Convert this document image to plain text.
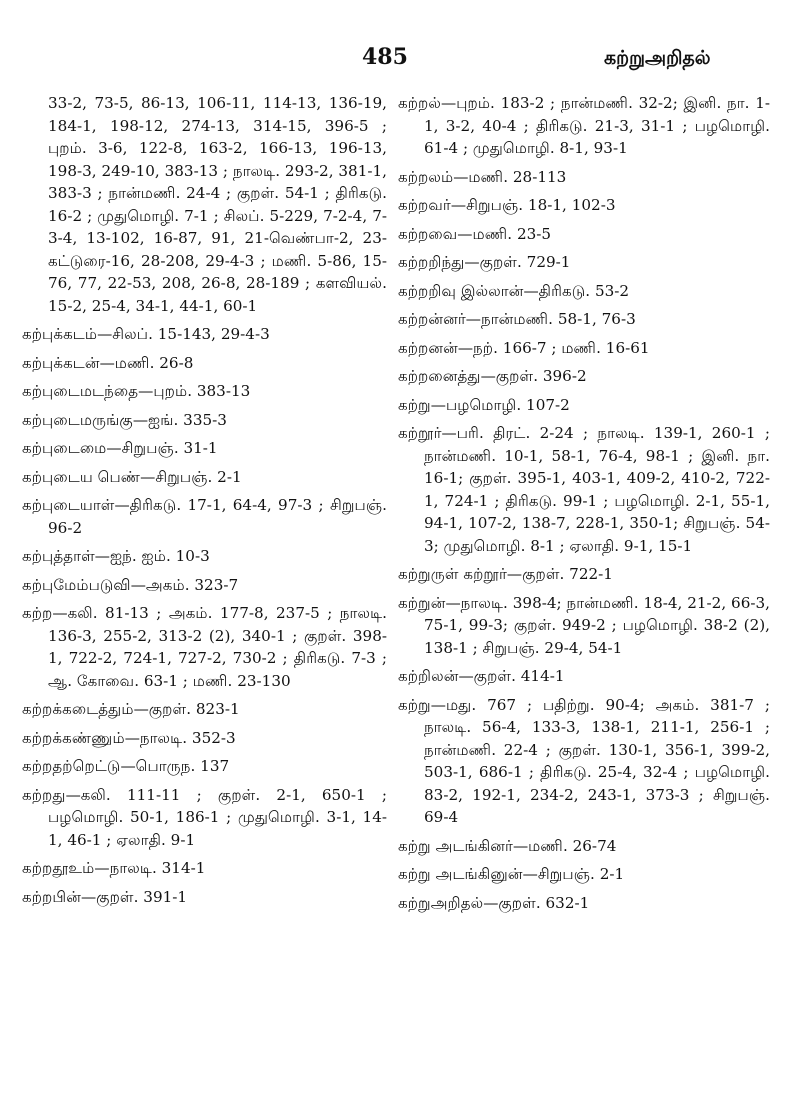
485	கற்றுஅறிதல்

33-2, 73-5, 86-13, 106-11, 114-13, 136-19, 184-1, 198-12, 274-13, 314-15, 396-5 ; புறம். 3-6, 122-8, 163-2, 166-13, 196-13, 198-3, 249-10, 383-13 ; நாலடி. 293-2, 381-1, 383-3 ; நான்மணி. 24-4 ; குறள். 54-1 ; திரிகடு. 16-2 ; முதுமொழி. 7-1 ; சிலப். 5-229, 7-2-4, 7-3-4, 13-102, 16-87, 91, 21-வெண்பா-2, 23-கட்டுரை-16, 28-208, 29-4-3 ; மணி. 5-86, 15-76, 77, 22-53, 208, 26-8, 28-189 ; களவியல். 15-2, 25-4, 34-1, 44-1, 60-1

கற்புக்கடம்—சிலப். 15-143, 29-4-3

கற்புக்கடன்—மணி. 26-8

கற்புடைமடந்தை—புறம். 383-13

கற்புடைமருங்கு—ஐங். 335-3

கற்புடைமை—சிறுபஞ். 31-1

கற்புடைய பெண்—சிறுபஞ். 2-1

கற்புடையாள்—திரிகடு. 17-1, 64-4, 97-3 ; சிறுபஞ். 96-2

கற்புத்தாள்—ஐந். ஐம். 10-3

கற்புமேம்படுவி—அகம். 323-7

கற்ற—கலி. 81-13 ; அகம். 177-8, 237-5 ; நாலடி. 136-3, 255-2, 313-2 (2), 340-1 ; குறள். 398-1, 722-2, 724-1, 727-2, 730-2 ; திரிகடு. 7-3 ; ஆ. கோவை. 63-1 ; மணி. 23-130

கற்றக்கடைத்தும்—குறள். 823-1

கற்றக்கண்ணும்—நாலடி. 352-3

கற்றதற்றெட்டு—பொருந. 137

கற்றது—கலி. 111-11 ; குறள். 2-1, 650-1 ; பழமொழி. 50-1, 186-1 ; முதுமொழி. 3-1, 14-1, 46-1 ; ஏலாதி. 9-1

கற்றதூஉம்—நாலடி. 314-1

கற்றபின்—குறள். 391-1

கற்றல்—புறம். 183-2 ; நான்மணி. 32-2; இனி. நா. 1-1, 3-2, 40-4 ; திரிகடு. 21-3, 31-1 ; பழமொழி. 61-4 ; முதுமொழி. 8-1, 93-1

கற்றலம்—மணி. 28-113

கற்றவர்—சிறுபஞ். 18-1, 102-3

கற்றவை—மணி. 23-5

கற்றறிந்து—குறள். 729-1

கற்றறிவு இல்லான்—திரிகடு. 53-2

கற்றன்னர்—நான்மணி. 58-1, 76-3

கற்றனன்—நற். 166-7 ; மணி. 16-61

கற்றனைத்து—குறள். 396-2

கற்று—பழமொழி. 107-2

கற்றூர்—பரி. திரட். 2-24 ; நாலடி. 139-1, 260-1 ; நான்மணி. 10-1, 58-1, 76-4, 98-1 ; இனி. நா. 16-1; குறள். 395-1, 403-1, 409-2, 410-2, 722-1, 724-1 ; திரிகடு. 99-1 ; பழமொழி. 2-1, 55-1, 94-1, 107-2, 138-7, 228-1, 350-1; சிறுபஞ். 54-3; முதுமொழி. 8-1 ; ஏலாதி. 9-1, 15-1

கற்றுருள் கற்றூர்—குறள். 722-1

கற்றுன்—நாலடி. 398-4; நான்மணி. 18-4, 21-2, 66-3, 75-1, 99-3; குறள். 949-2 ; பழமொழி. 38-2 (2), 138-1 ; சிறுபஞ். 29-4, 54-1

கற்றிலன்—குறள். 414-1

கற்று—மது. 767 ; பதிற்று. 90-4; அகம். 381-7 ; நாலடி. 56-4, 133-3, 138-1, 211-1, 256-1 ; நான்மணி. 22-4 ; குறள். 130-1, 356-1, 399-2, 503-1, 686-1 ; திரிகடு. 25-4, 32-4 ; பழமொழி. 83-2, 192-1, 234-2, 243-1, 373-3 ; சிறுபஞ். 69-4

கற்று அடங்கினர்—மணி. 26-74

கற்று அடங்கினுன்—சிறுபஞ். 2-1

கற்றுஅறிதல்—குறள். 632-1
